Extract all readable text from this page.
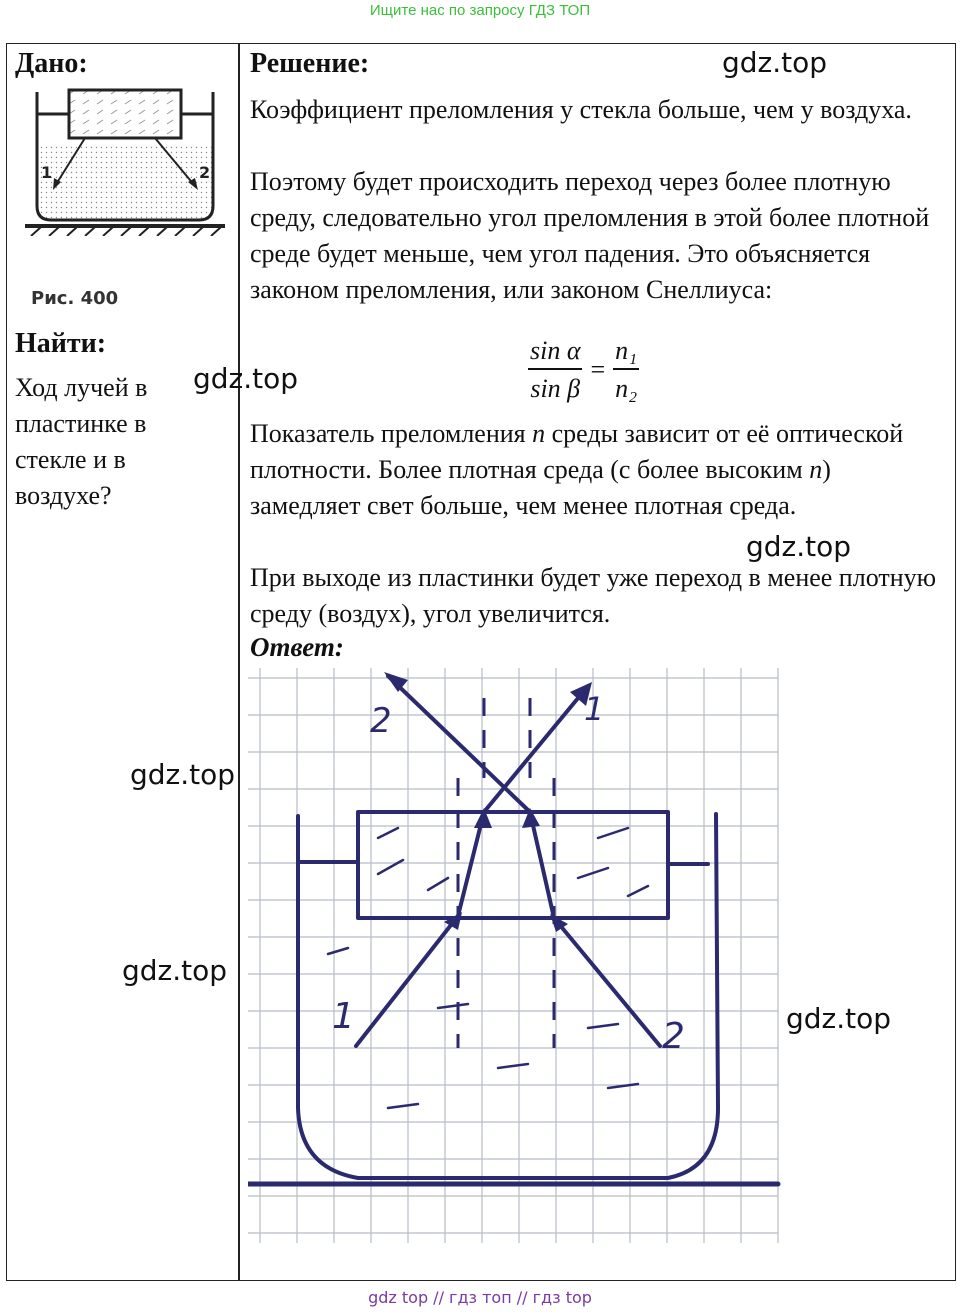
Ищите нас по запросу ГДЗ ТОП
Дано:
1	2
Рис. 400
Найти:
Ход лучей в пластинке в стекле и в воздухе?
Решение:

Коэффициент преломления у стекла больше, чем у воздуха.

Поэтому будет происходить переход через более плотную среду, следовательно угол преломления в этой более плотной среде будет меньше, чем угол падения. Это объясняется законом преломления, или законом Снеллиуса:

$\frac{\text{sin α}}{\text{sin β}} = \frac{\text{n₁}}{\text{n₂}}$

Показатель преломления n среды зависит от её оптической плотности. Более плотная среда (с более высоким n) замедляет свет больше, чем менее плотная среда.

При выходе из пластинки будет уже переход в менее плотную среду (воздух), угол увеличится.

Ответ:
2	1
1	2
gdz.top
gdz.top
gdz.top
gdz.top
gdz.top
gdz.top
gdz top // гдз топ // гдз top
